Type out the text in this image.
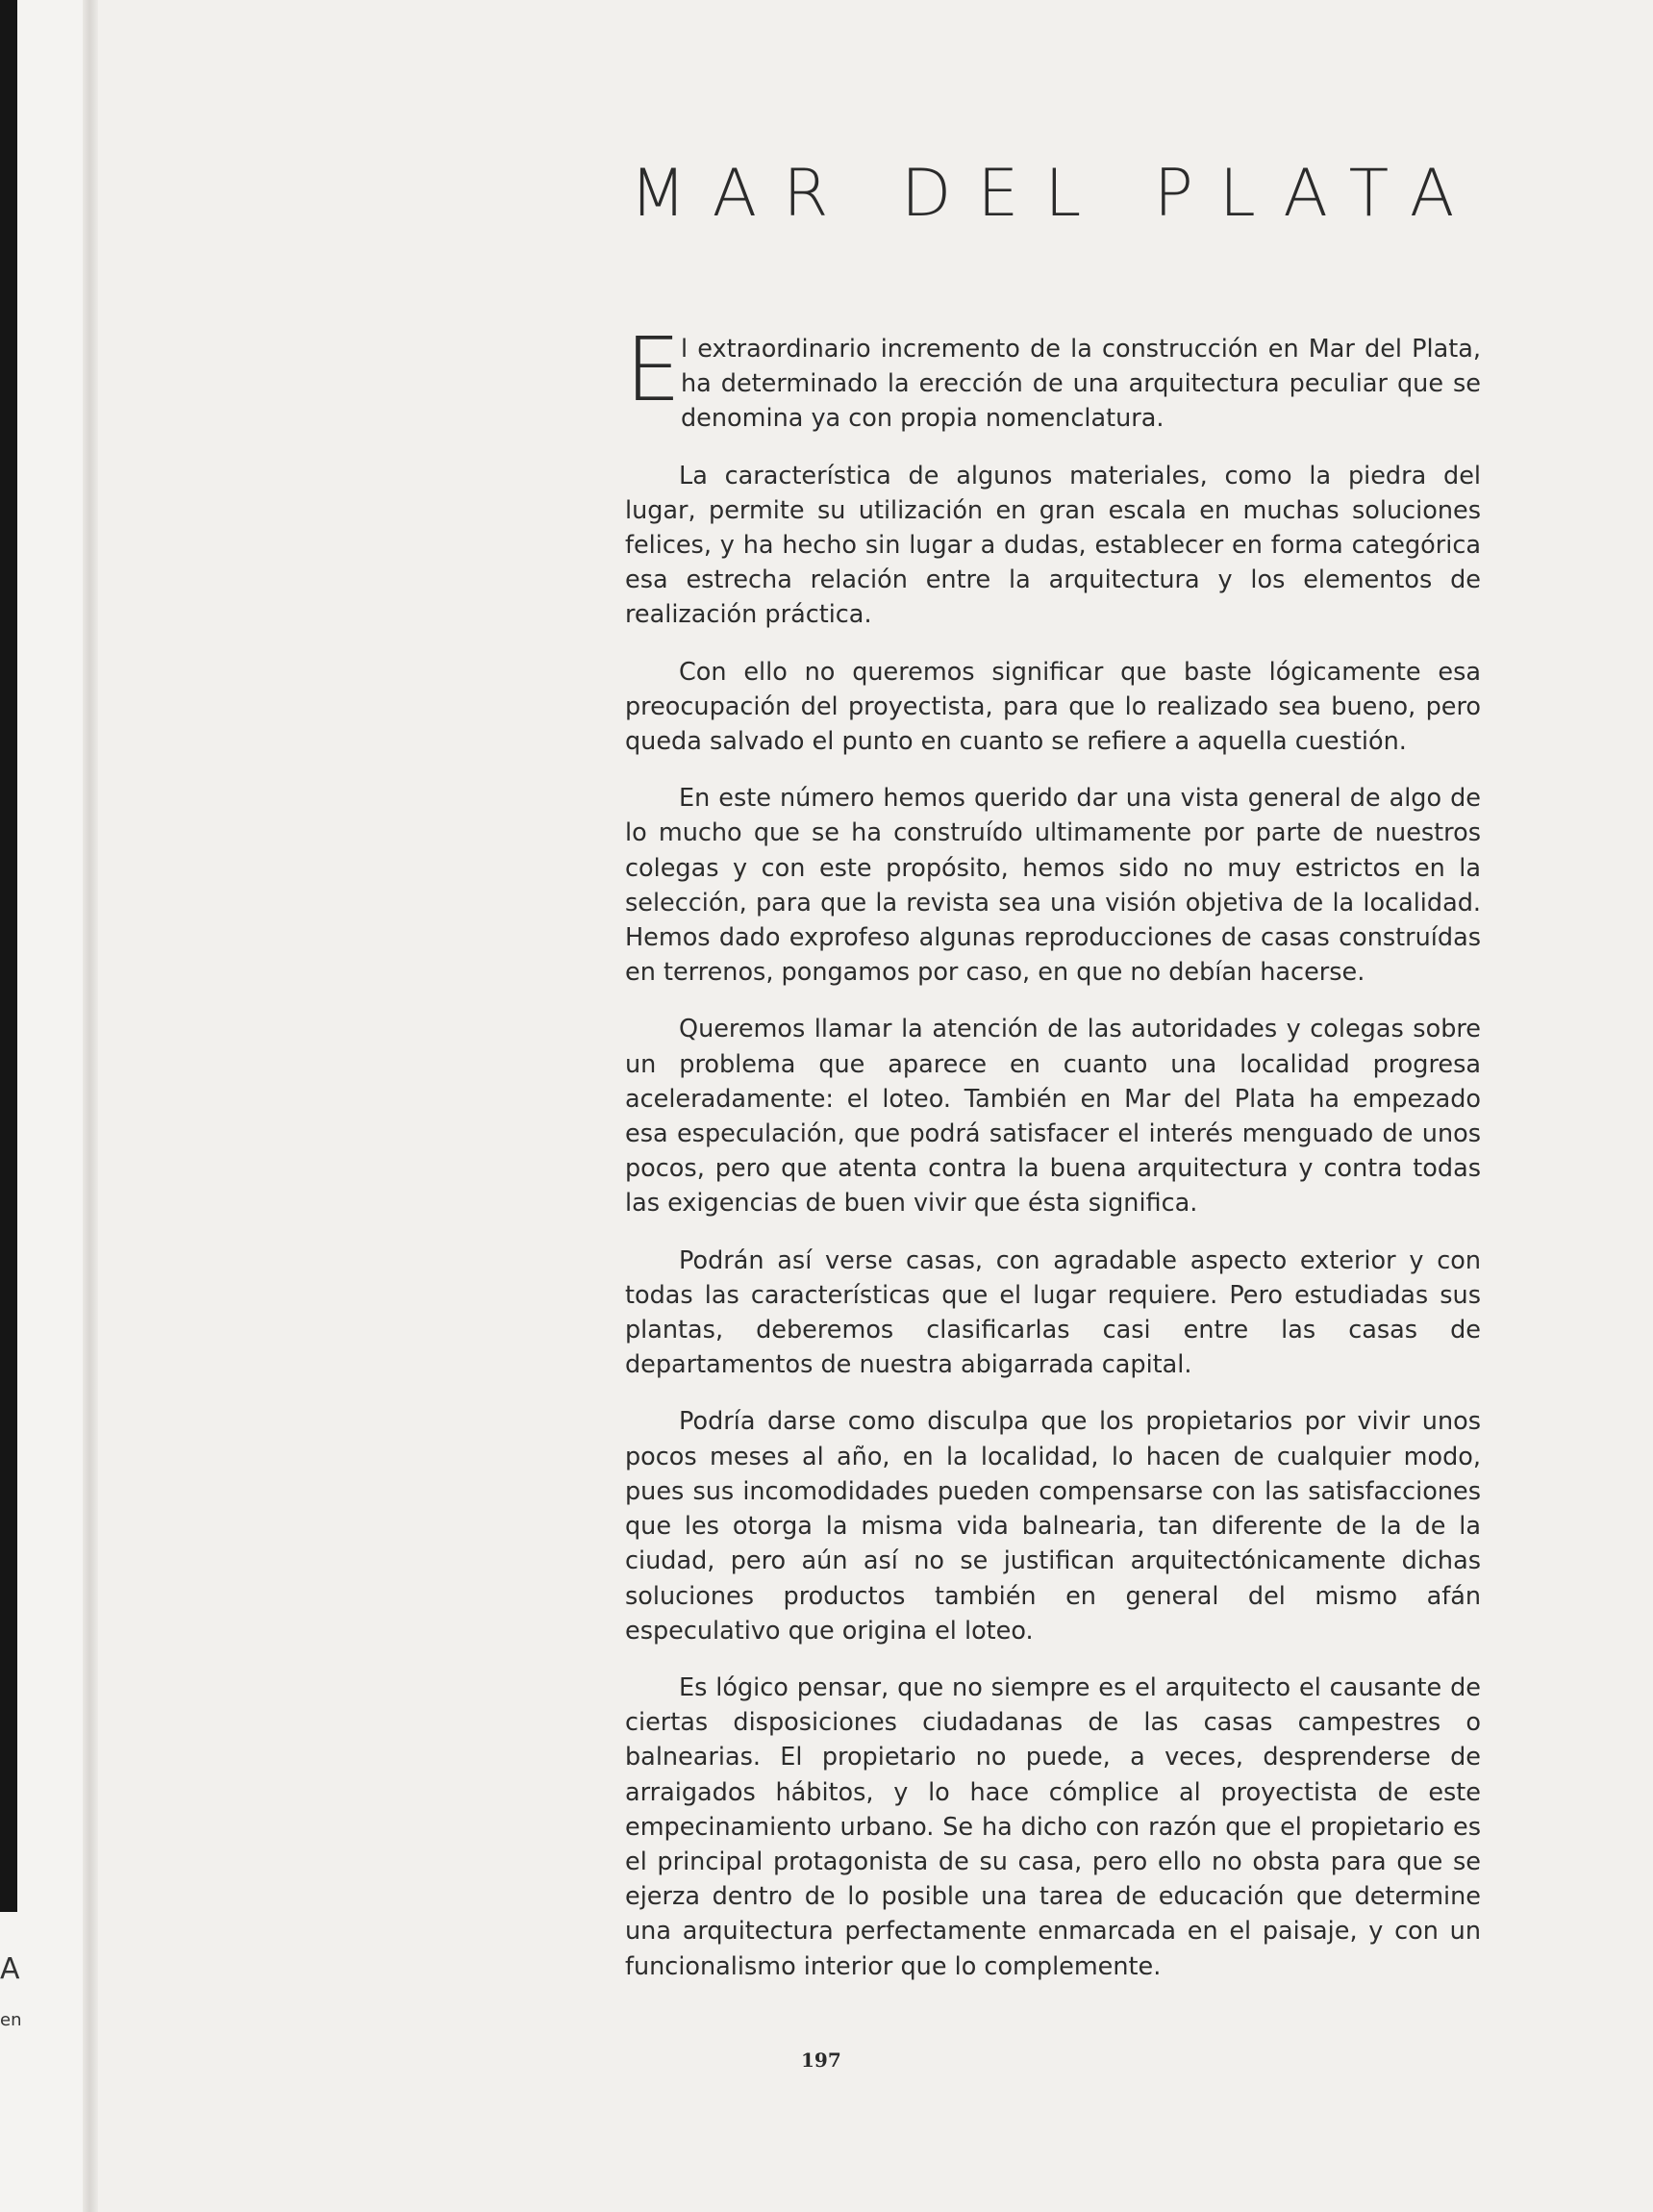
A
en
MAR DEL PLATA

E l extraordinario incremento de la construcción en Mar del Plata, ha determinado la erección de una arquitectura peculiar que se denomina ya con propia nomenclatura.

La característica de algunos materiales, como la piedra del lugar, permite su utilización en gran escala en muchas soluciones felices, y ha hecho sin lugar a dudas, establecer en forma categórica esa estrecha relación entre la arquitectura y los elementos de realización práctica.

Con ello no queremos significar que baste lógicamente esa preocupación del proyectista, para que lo realizado sea bueno, pero queda salvado el punto en cuanto se refiere a aquella cuestión.

En este número hemos querido dar una vista general de algo de lo mucho que se ha construído ultimamente por parte de nuestros colegas y con este propósito, hemos sido no muy estrictos en la selección, para que la revista sea una visión objetiva de la localidad. Hemos dado exprofeso algunas reproducciones de casas construídas en terrenos, pongamos por caso, en que no debían hacerse.

Queremos llamar la atención de las autoridades y colegas sobre un problema que aparece en cuanto una localidad progresa aceleradamente: el loteo. También en Mar del Plata ha empezado esa especulación, que podrá satisfacer el interés menguado de unos pocos, pero que atenta contra la buena arquitectura y contra todas las exigencias de buen vivir que ésta significa.

Podrán así verse casas, con agradable aspecto exterior y con todas las características que el lugar requiere. Pero estudiadas sus plantas, deberemos clasificarlas casi entre las casas de departamentos de nuestra abigarrada capital.

Podría darse como disculpa que los propietarios por vivir unos pocos meses al año, en la localidad, lo hacen de cualquier modo, pues sus incomodidades pueden compensarse con las satisfacciones que les otorga la misma vida balnearia, tan diferente de la de la ciudad, pero aún así no se justifican arquitectónicamente dichas soluciones productos también en general del mismo afán especulativo que origina el loteo.

Es lógico pensar, que no siempre es el arquitecto el causante de ciertas disposiciones ciudadanas de las casas campestres o balnearias. El propietario no puede, a veces, desprenderse de arraigados hábitos, y lo hace cómplice al proyectista de este empecinamiento urbano. Se ha dicho con razón que el propietario es el principal protagonista de su casa, pero ello no obsta para que se ejerza dentro de lo posible una tarea de educación que determine una arquitectura perfectamente enmarcada en el paisaje, y con un funcionalismo interior que lo complemente.

197
